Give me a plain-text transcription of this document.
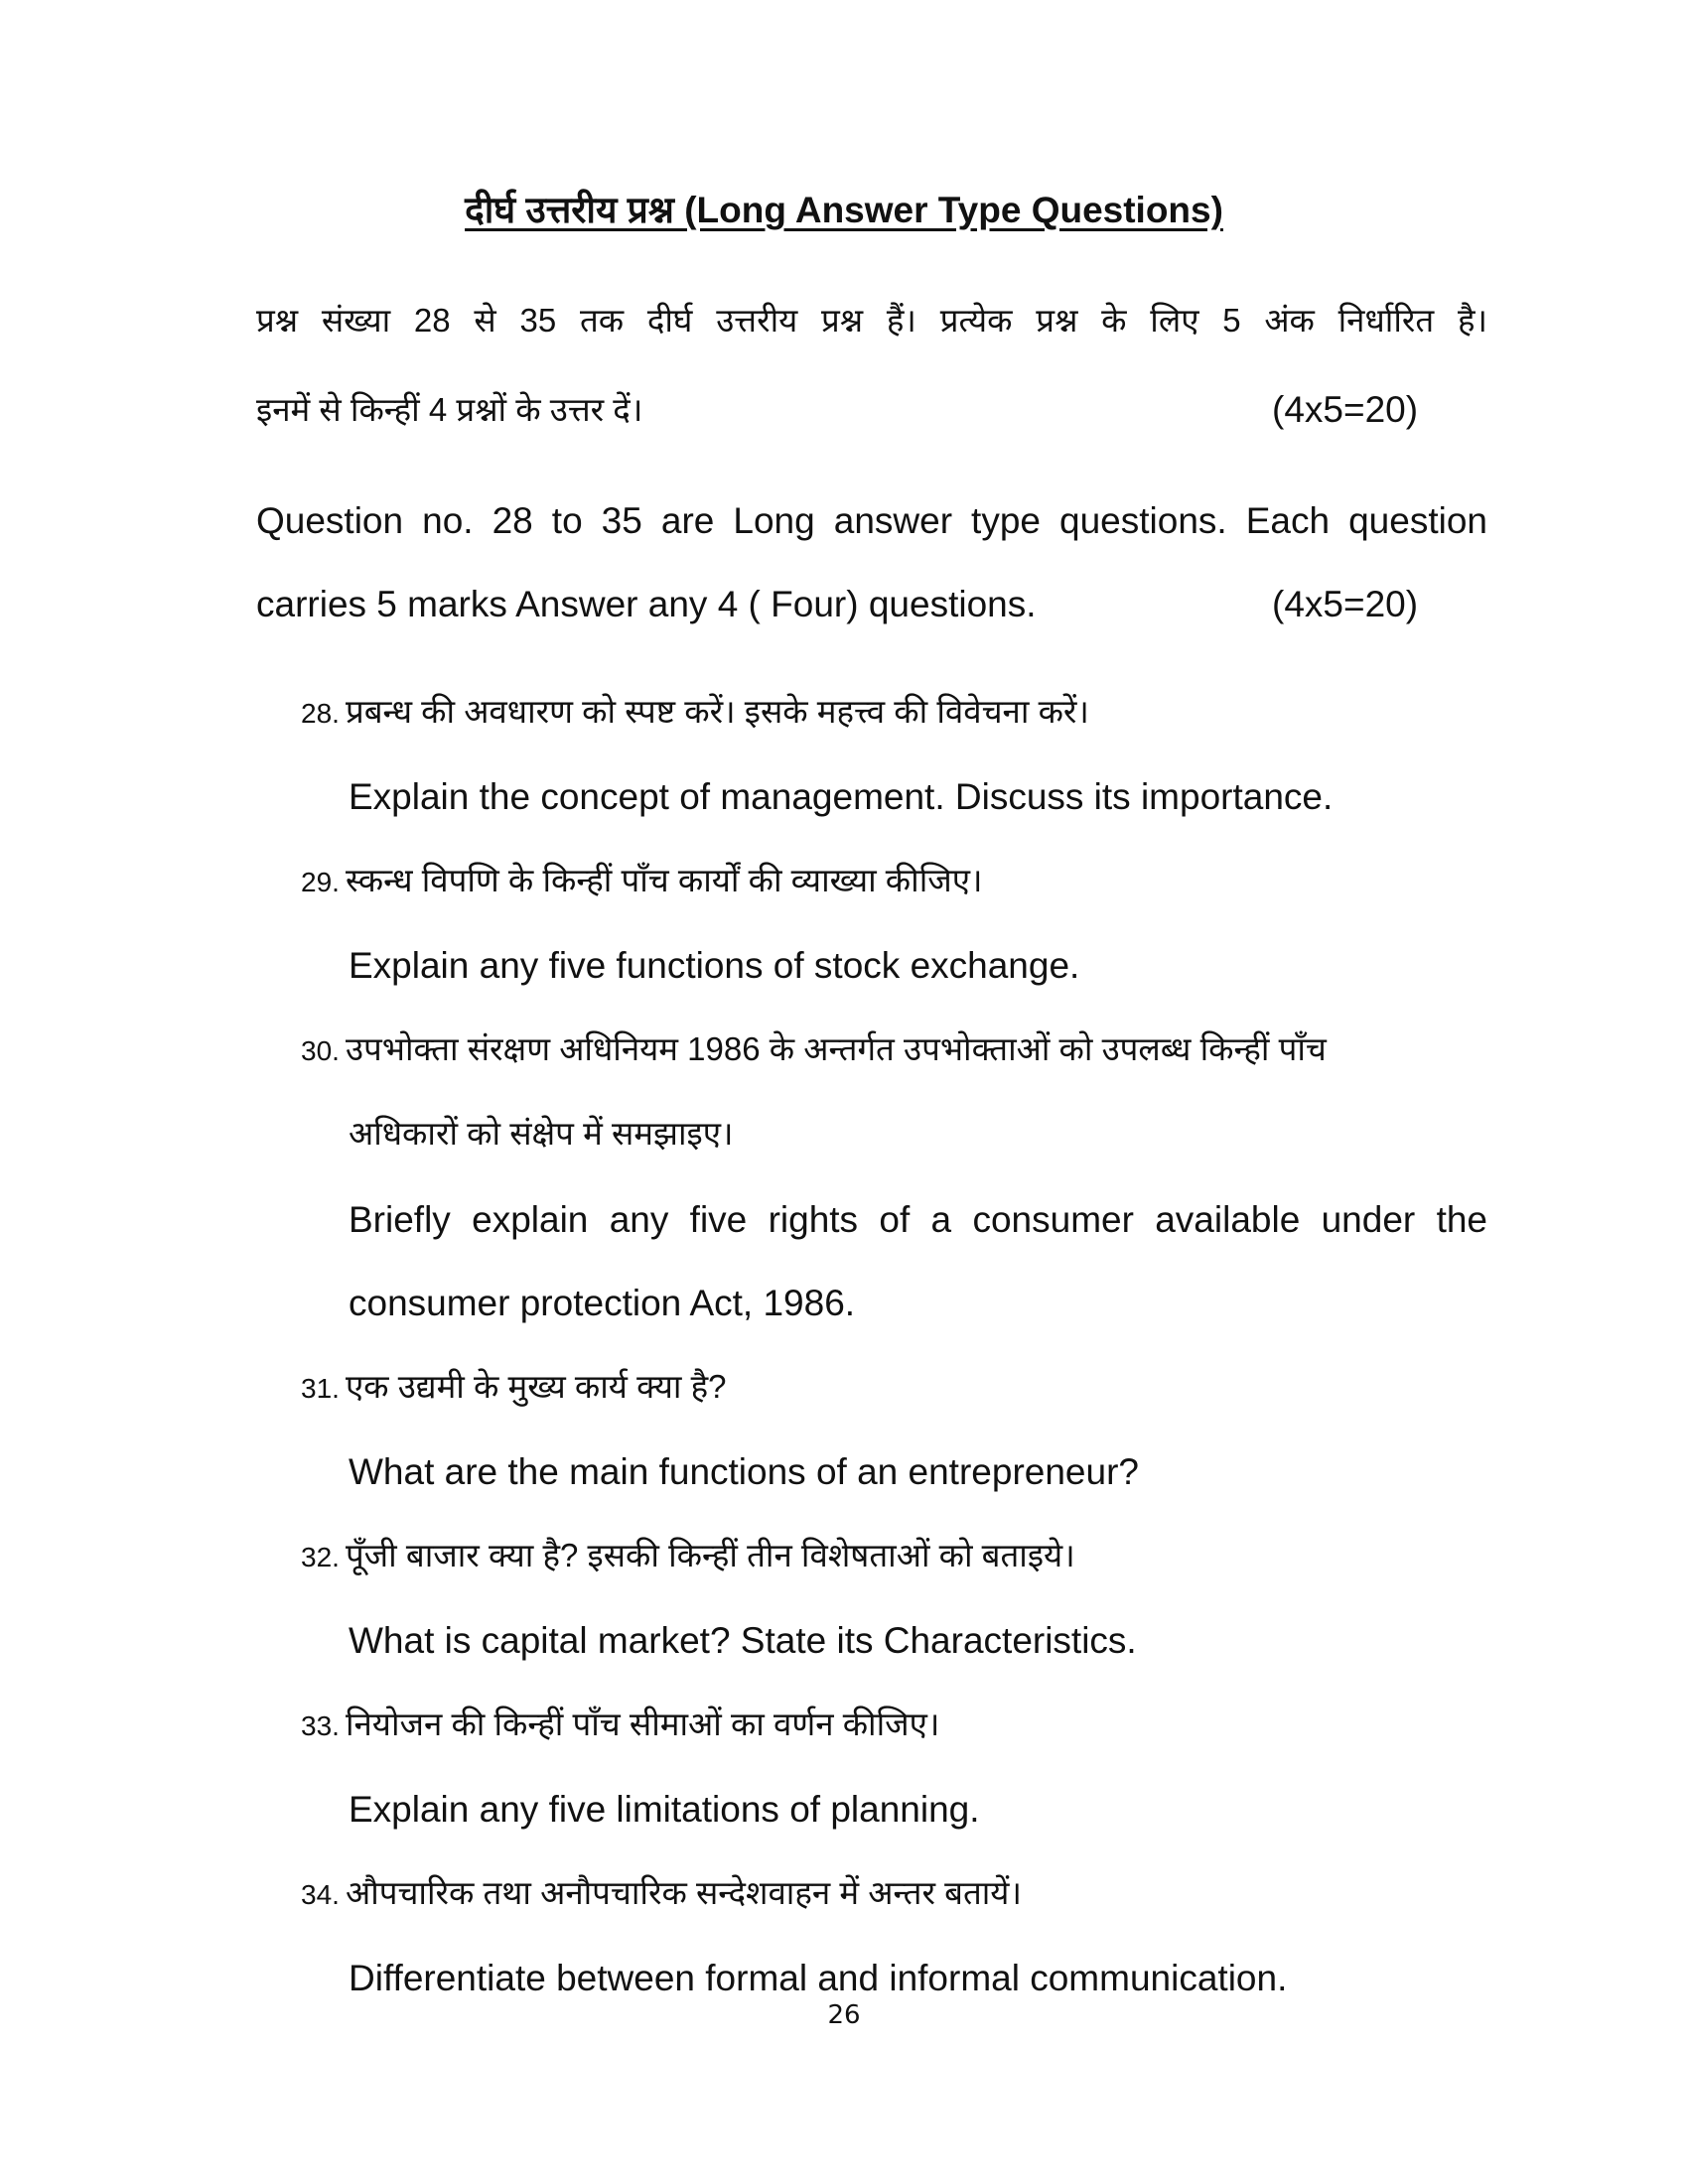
दीर्घ उत्तरीय प्रश्न (Long Answer Type Questions)
प्रश्न संख्या 28 से 35 तक दीर्घ उत्तरीय प्रश्न हैं। प्रत्येक प्रश्न के लिए 5 अंक निर्धारित है।
इनमें से किन्हीं 4 प्रश्नों के उत्तर दें।	(4x5=20)
Question no. 28 to 35 are Long answer type questions. Each question
carries 5 marks Answer any 4 ( Four) questions.	(4x5=20)
28. प्रबन्ध की अवधारण को स्पष्ट करें। इसके महत्त्व की विवेचना करें।
Explain the concept of management. Discuss its importance.
29. स्कन्ध विपणि के किन्हीं पाँच कार्यों की व्याख्या कीजिए।
Explain any five functions of stock exchange.
30. उपभोक्ता संरक्षण अधिनियम 1986 के अन्तर्गत उपभोक्ताओं को उपलब्ध किन्हीं पाँच
अधिकारों को संक्षेप में समझाइए।
Briefly explain any five rights of a consumer available under the
consumer protection Act, 1986.
31. एक उद्यमी के मुख्य कार्य क्या है?
What are the main functions of an entrepreneur?
32. पूँजी बाजार क्या है? इसकी किन्हीं तीन विशेषताओं को बताइये।
What is capital market? State its Characteristics.
33. नियोजन की किन्हीं पाँच सीमाओं का वर्णन कीजिए।
Explain any five limitations of planning.
34. औपचारिक तथा अनौपचारिक सन्देशवाहन में अन्तर बतायें।
Differentiate between formal and informal communication.
26
